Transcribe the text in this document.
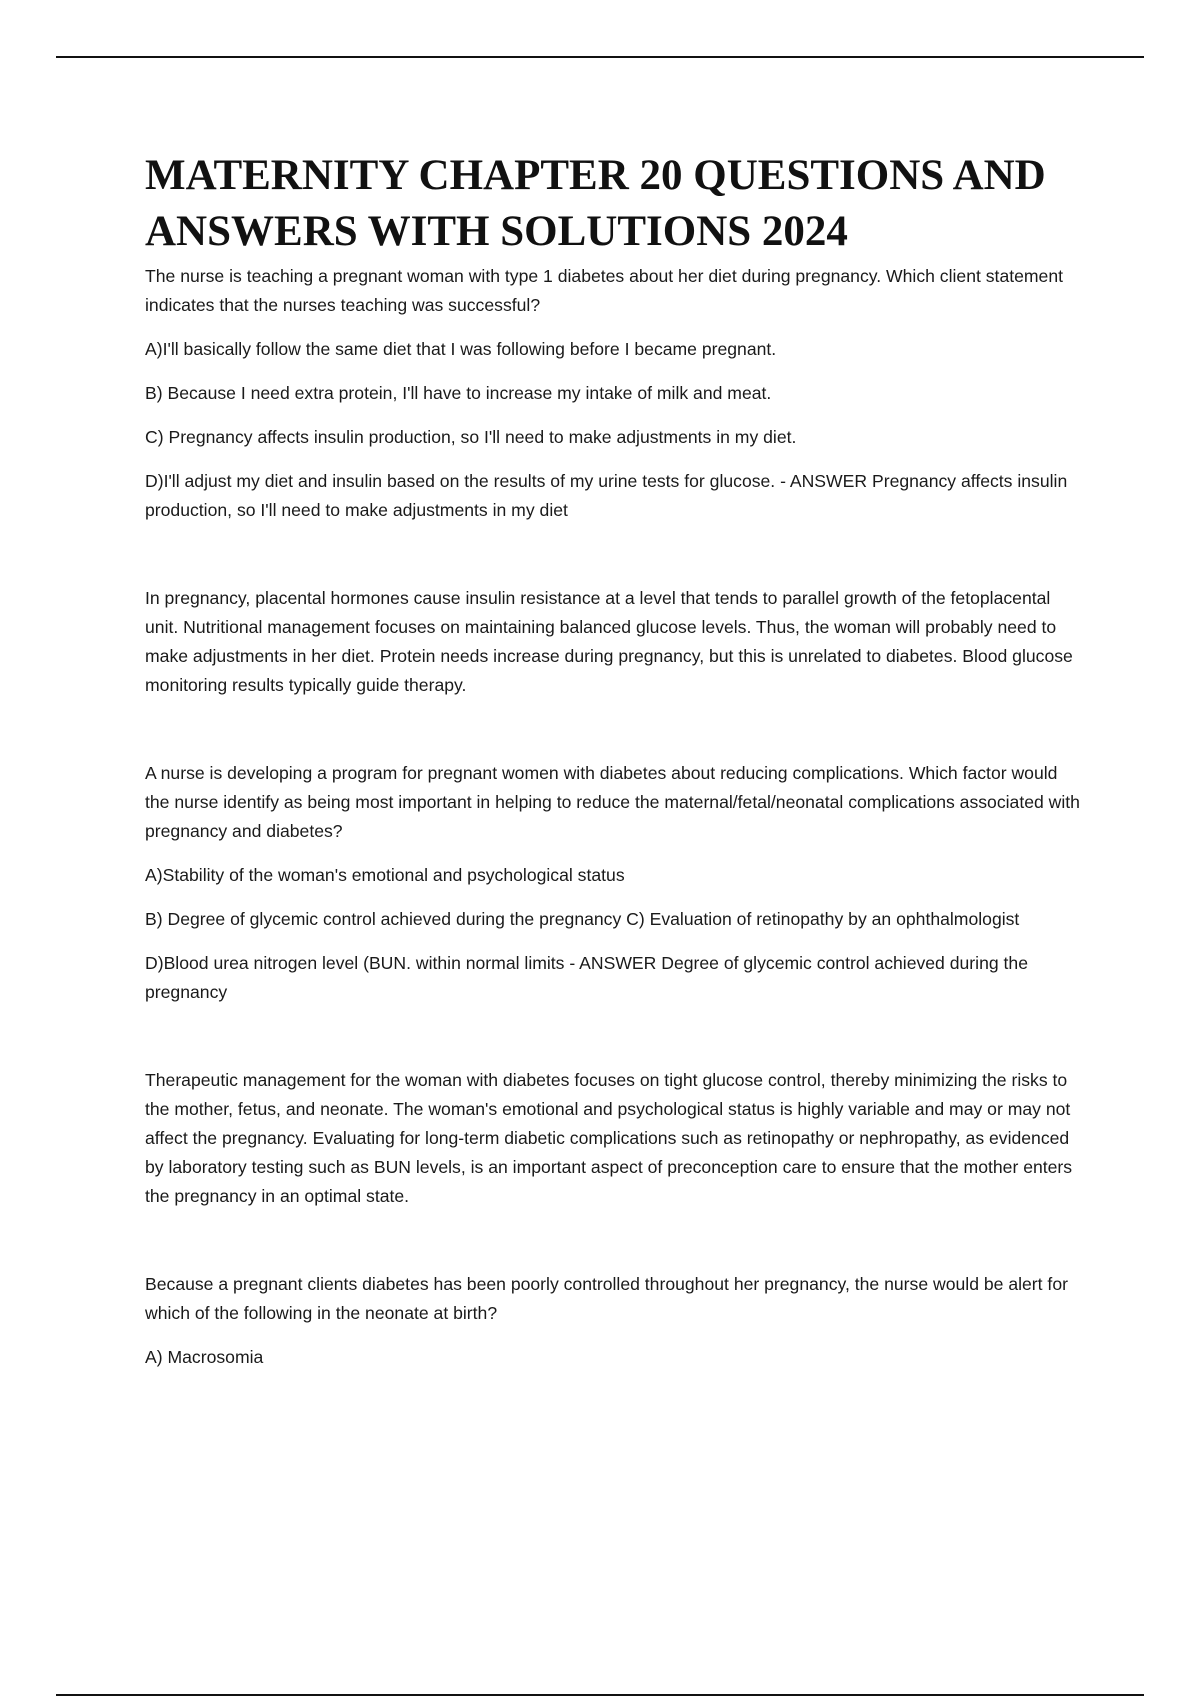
MATERNITY CHAPTER 20 QUESTIONS AND ANSWERS WITH SOLUTIONS 2024

The nurse is teaching a pregnant woman with type 1 diabetes about her diet during pregnancy. Which client statement indicates that the nurses teaching was successful?

A)I'll basically follow the same diet that I was following before I became pregnant.

B) Because I need extra protein, I'll have to increase my intake of milk and meat.

C) Pregnancy affects insulin production, so I'll need to make adjustments in my diet.

D)I'll adjust my diet and insulin based on the results of my urine tests for glucose. - ANSWER Pregnancy affects insulin production, so I'll need to make adjustments in my diet

In pregnancy, placental hormones cause insulin resistance at a level that tends to parallel growth of the fetoplacental unit. Nutritional management focuses on maintaining balanced glucose levels. Thus, the woman will probably need to make adjustments in her diet. Protein needs increase during pregnancy, but this is unrelated to diabetes. Blood glucose monitoring results typically guide therapy.

A nurse is developing a program for pregnant women with diabetes about reducing complications. Which factor would the nurse identify as being most important in helping to reduce the maternal/fetal/neonatal complications associated with pregnancy and diabetes?

A)Stability of the woman's emotional and psychological status

B) Degree of glycemic control achieved during the pregnancy C) Evaluation of retinopathy by an ophthalmologist

D)Blood urea nitrogen level (BUN. within normal limits - ANSWER Degree of glycemic control achieved during the pregnancy

Therapeutic management for the woman with diabetes focuses on tight glucose control, thereby minimizing the risks to the mother, fetus, and neonate. The woman's emotional and psychological status is highly variable and may or may not affect the pregnancy. Evaluating for long-term diabetic complications such as retinopathy or nephropathy, as evidenced by laboratory testing such as BUN levels, is an important aspect of preconception care to ensure that the mother enters the pregnancy in an optimal state.

Because a pregnant clients diabetes has been poorly controlled throughout her pregnancy, the nurse would be alert for which of the following in the neonate at birth?

A) Macrosomia
